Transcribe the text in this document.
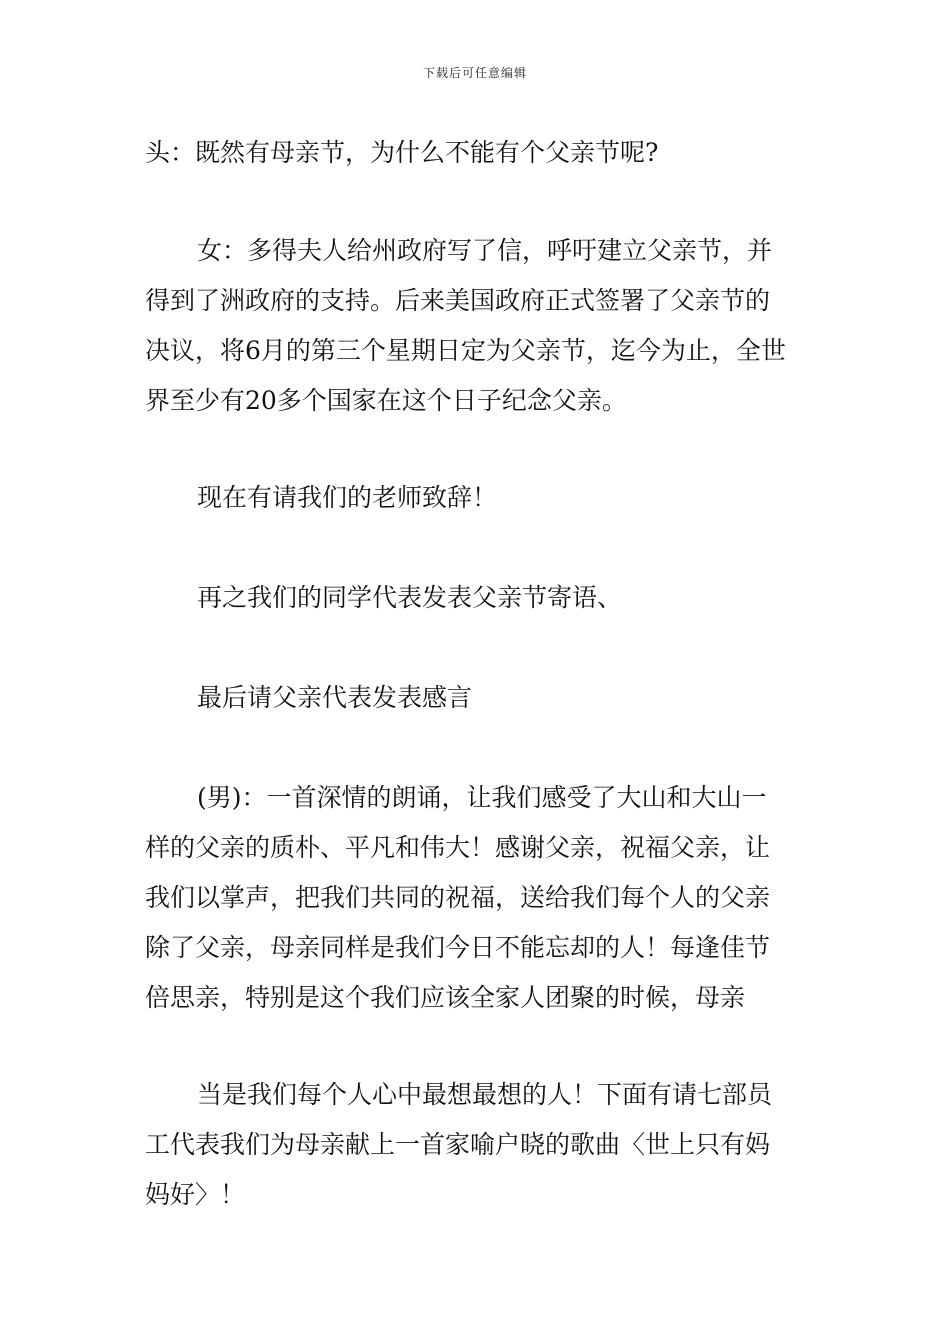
下载后可任意编辑

头：既然有母亲节，为什么不能有个父亲节呢?

女：多得夫人给州政府写了信，呼吁建立父亲节，并

得到了洲政府的支持。后来美国政府正式签署了父亲节的

决议，将6月的第三个星期日定为父亲节，迄今为止，全世

界至少有20多个国家在这个日子纪念父亲。

现在有请我们的老师致辞！

再之我们的同学代表发表父亲节寄语、

最后请父亲代表发表感言

(男)：一首深情的朗诵，让我们感受了大山和大山一

样的父亲的质朴、平凡和伟大！感谢父亲，祝福父亲，让

我们以掌声，把我们共同的祝福，送给我们每个人的父亲

除了父亲，母亲同样是我们今日不能忘却的人！每逢佳节

倍思亲，特别是这个我们应该全家人团聚的时候，母亲

当是我们每个人心中最想最想的人！下面有请七部员

工代表我们为母亲献上一首家喻户晓的歌曲〈世上只有妈

妈好〉！
